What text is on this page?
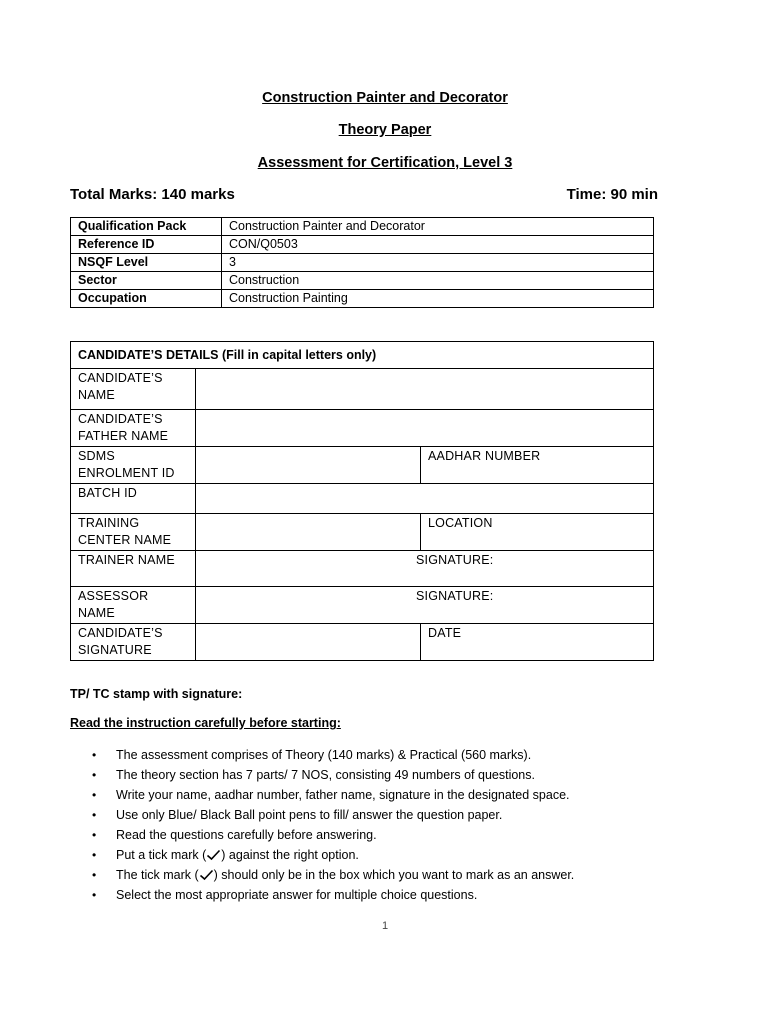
Construction Painter and Decorator
Theory Paper
Assessment for Certification, Level 3
Total Marks: 140 marks	Time: 90 min
Qualification Pack	Construction Painter and Decorator
Reference ID	CON/Q0503
NSQF Level	3
Sector	Construction
Occupation	Construction Painting
CANDIDATE’S DETAILS (Fill in capital letters only)		
CANDIDATE’S NAME		
CANDIDATE’S FATHER NAME		
SDMS ENROLMENT ID		AADHAR NUMBER
BATCH ID		
TRAINING CENTER NAME		LOCATION
TRAINER NAME	SIGNATURE:	
ASSESSOR NAME	SIGNATURE:	
CANDIDATE’S SIGNATURE		DATE
TP/ TC stamp with signature:
Read the instruction carefully before starting:
• The assessment comprises of Theory (140 marks) & Practical (560 marks).
• The theory section has 7 parts/ 7 NOS, consisting 49 numbers of questions.
• Write your name, aadhar number, father name, signature in the designated space.
• Use only Blue/ Black Ball point pens to fill/ answer the question paper.
• Read the questions carefully before answering.
• Put a tick mark ( ) against the right option.
• The tick mark ( ) should only be in the box which you want to mark as an answer.
• Select the most appropriate answer for multiple choice questions.
1
